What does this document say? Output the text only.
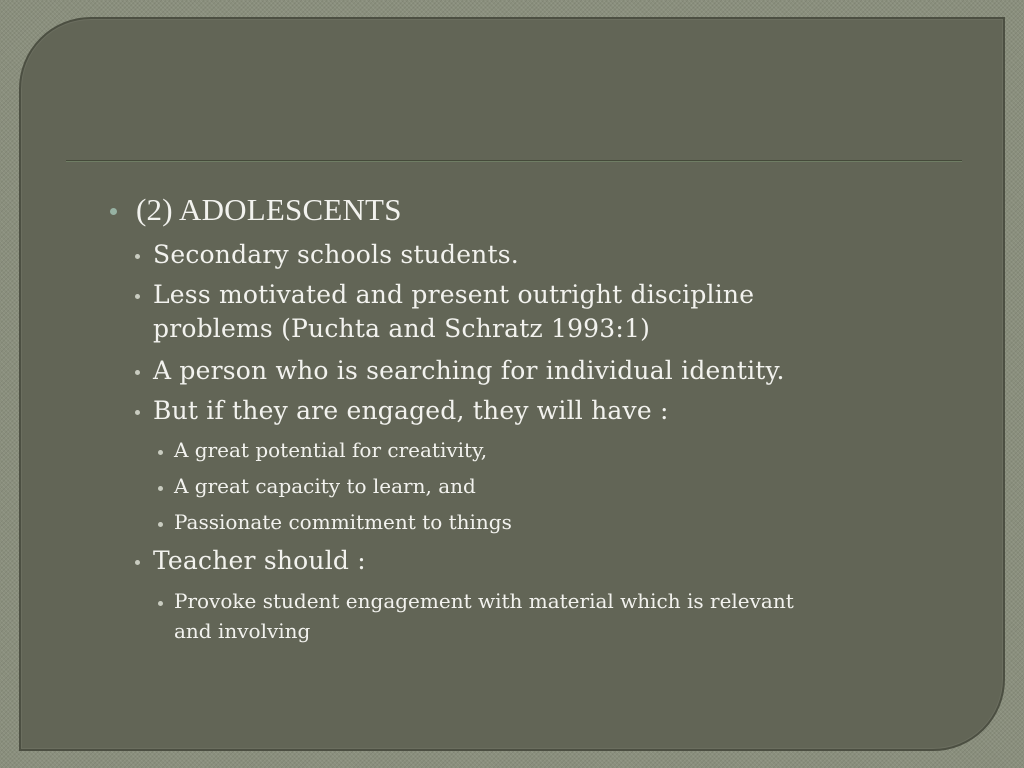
(2) ADOLESCENTS
Secondary schools students.
Less motivated and present outright discipline
problems (Puchta and Schratz 1993:1)
A person who is searching for individual identity.
But if they are engaged, they will have :
A great potential for creativity,
A great capacity to learn, and
Passionate commitment to things
Teacher should :
Provoke student engagement with material which is relevant
and involving
